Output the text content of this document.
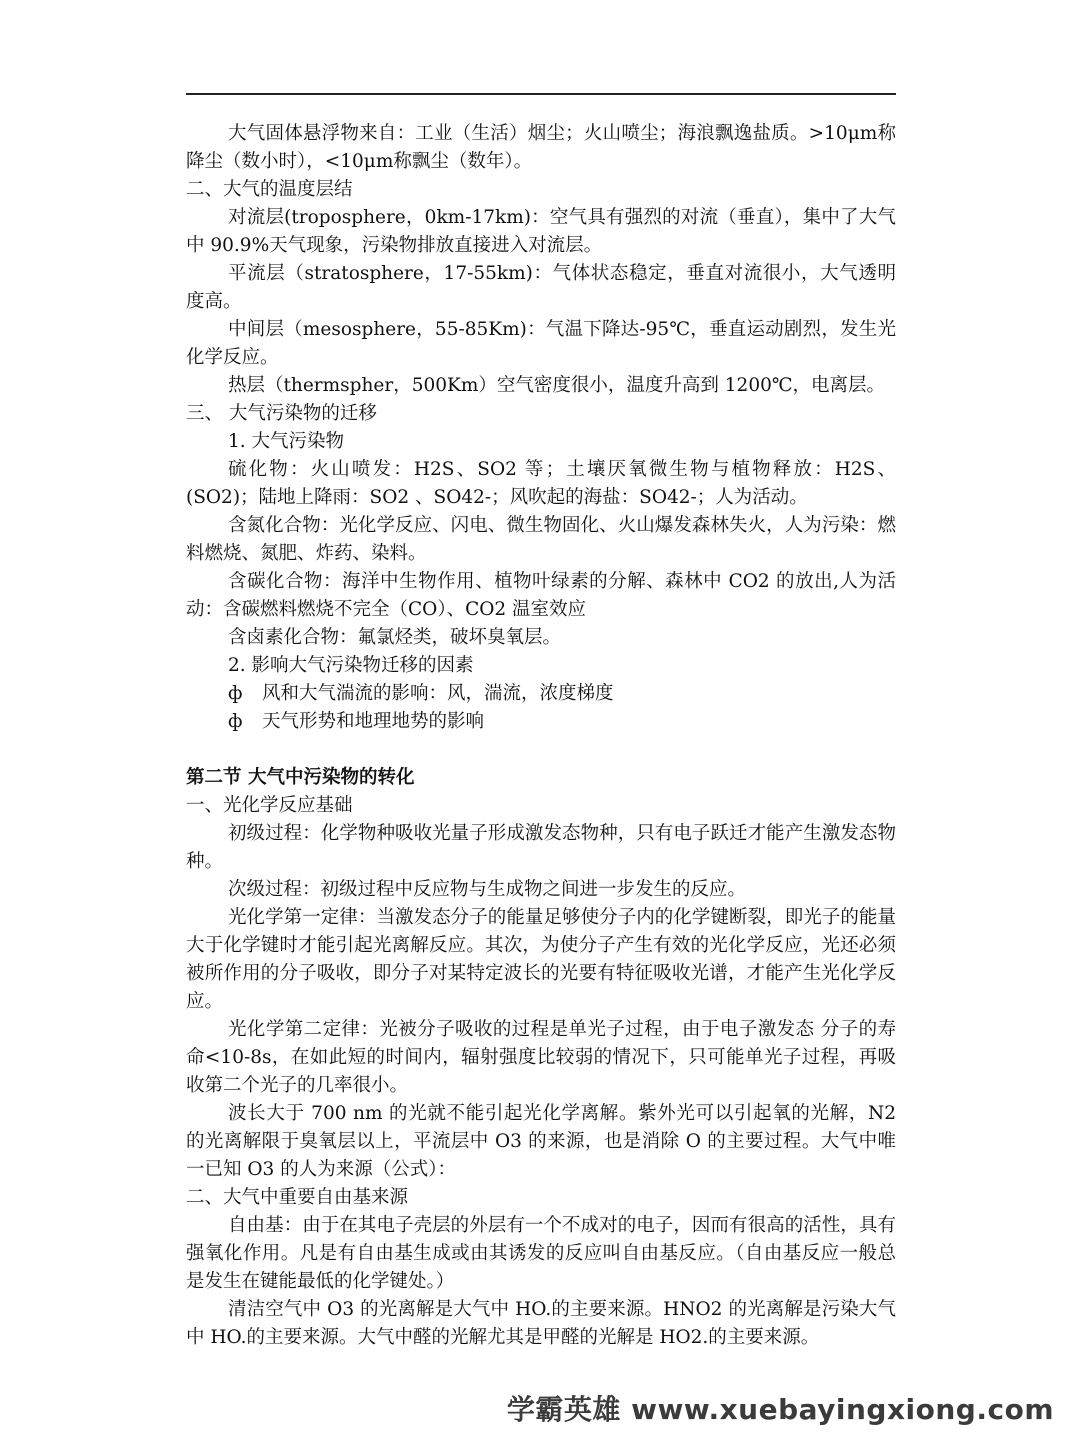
大气固体悬浮物来自：工业（生活）烟尘；火山喷尘；海浪飘逸盐质。>10μm称降尘（数小时），<10μm称飘尘（数年）。

二、大气的温度层结

对流层(troposphere，0km-17km)：空气具有强烈的对流（垂直），集中了大气中 90.9%天气现象，污染物排放直接进入对流层。

平流层（stratosphere，17-55km)：气体状态稳定，垂直对流很小，大气透明度高。

中间层（mesosphere，55-85Km)：气温下降达-95℃，垂直运动剧烈，发生光化学反应。

热层（thermspher，500Km）空气密度很小，温度升高到 1200℃，电离层。

三、 大气污染物的迁移

1. 大气污染物

硫化物：火山喷发：H2S、SO2 等；土壤厌氧微生物与植物释放：H2S、(SO2)；陆地上降雨：SO2 、SO42-；风吹起的海盐：SO42-；人为活动。

含氮化合物：光化学反应、闪电、微生物固化、火山爆发森林失火，人为污染：燃料燃烧、氮肥、炸药、染料。

含碳化合物：海洋中生物作用、植物叶绿素的分解、森林中 CO2 的放出,人为活动：含碳燃料燃烧不完全（CO）、CO2 温室效应

含卤素化合物：氟氯烃类，破坏臭氧层。

2. 影响大气污染物迁移的因素

ф 风和大气湍流的影响：风，湍流，浓度梯度

ф 天气形势和地理地势的影响

第二节 大气中污染物的转化

一、光化学反应基础

初级过程：化学物种吸收光量子形成激发态物种，只有电子跃迁才能产生激发态物种。

次级过程：初级过程中反应物与生成物之间进一步发生的反应。

光化学第一定律：当激发态分子的能量足够使分子内的化学键断裂，即光子的能量大于化学键时才能引起光离解反应。其次，为使分子产生有效的光化学反应，光还必须被所作用的分子吸收，即分子对某特定波长的光要有特征吸收光谱，才能产生光化学反应。

光化学第二定律：光被分子吸收的过程是单光子过程，由于电子激发态 分子的寿命<10-8s，在如此短的时间内，辐射强度比较弱的情况下，只可能单光子过程，再吸收第二个光子的几率很小。

波长大于 700 nm 的光就不能引起光化学离解。紫外光可以引起氧的光解，N2 的光离解限于臭氧层以上，平流层中 O3 的来源，也是消除 O 的主要过程。大气中唯一已知 O3 的人为来源（公式）：

二、大气中重要自由基来源

自由基：由于在其电子壳层的外层有一个不成对的电子，因而有很高的活性，具有强氧化作用。凡是有自由基生成或由其诱发的反应叫自由基反应。（自由基反应一般总是发生在键能最低的化学键处。）

清洁空气中 O3 的光离解是大气中 HO.的主要来源。HNO2 的光离解是污染大气中 HO.的主要来源。大气中醛的光解尤其是甲醛的光解是 HO2.的主要来源。

学霸英雄 www.xuebayingxiong.com
